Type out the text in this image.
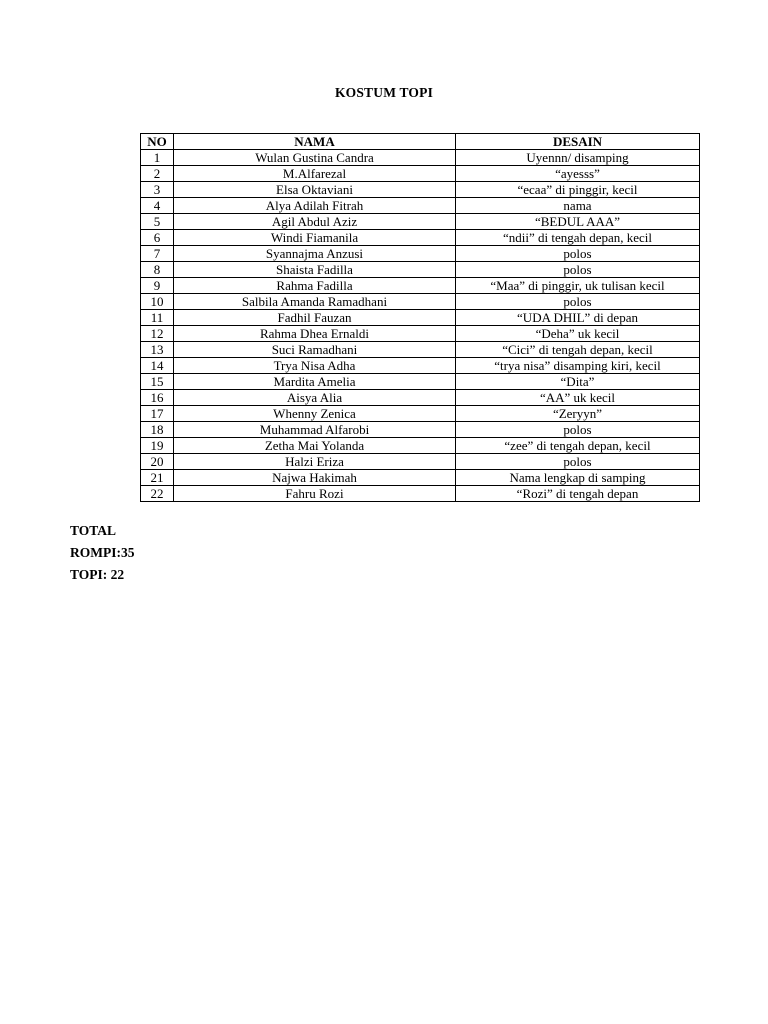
KOSTUM TOPI
NO	NAMA	DESAIN
1	Wulan Gustina Candra	Uyennn/ disamping
2	M.Alfarezal	“ayesss”
3	Elsa Oktaviani	“ecaa” di pinggir, kecil
4	Alya Adilah Fitrah	nama
5	Agil Abdul Aziz	“BEDUL AAA”
6	Windi Fiamanila	“ndii” di tengah depan, kecil
7	Syannajma Anzusi	polos
8	Shaista Fadilla	polos
9	Rahma Fadilla	“Maa” di pinggir, uk tulisan kecil
10	Salbila Amanda Ramadhani	polos
11	Fadhil Fauzan	“UDA DHIL” di depan
12	Rahma Dhea Ernaldi	“Deha” uk kecil
13	Suci Ramadhani	“Cici” di tengah depan, kecil
14	Trya Nisa Adha	“trya nisa” disamping kiri, kecil
15	Mardita Amelia	“Dita”
16	Aisya Alia	“AA” uk kecil
17	Whenny Zenica	“Zeryyn”
18	Muhammad Alfarobi	polos
19	Zetha Mai Yolanda	“zee” di tengah depan, kecil
20	Halzi Eriza	polos
21	Najwa Hakimah	Nama lengkap di samping
22	Fahru Rozi	“Rozi” di tengah depan
TOTAL
ROMPI:35
TOPI: 22
